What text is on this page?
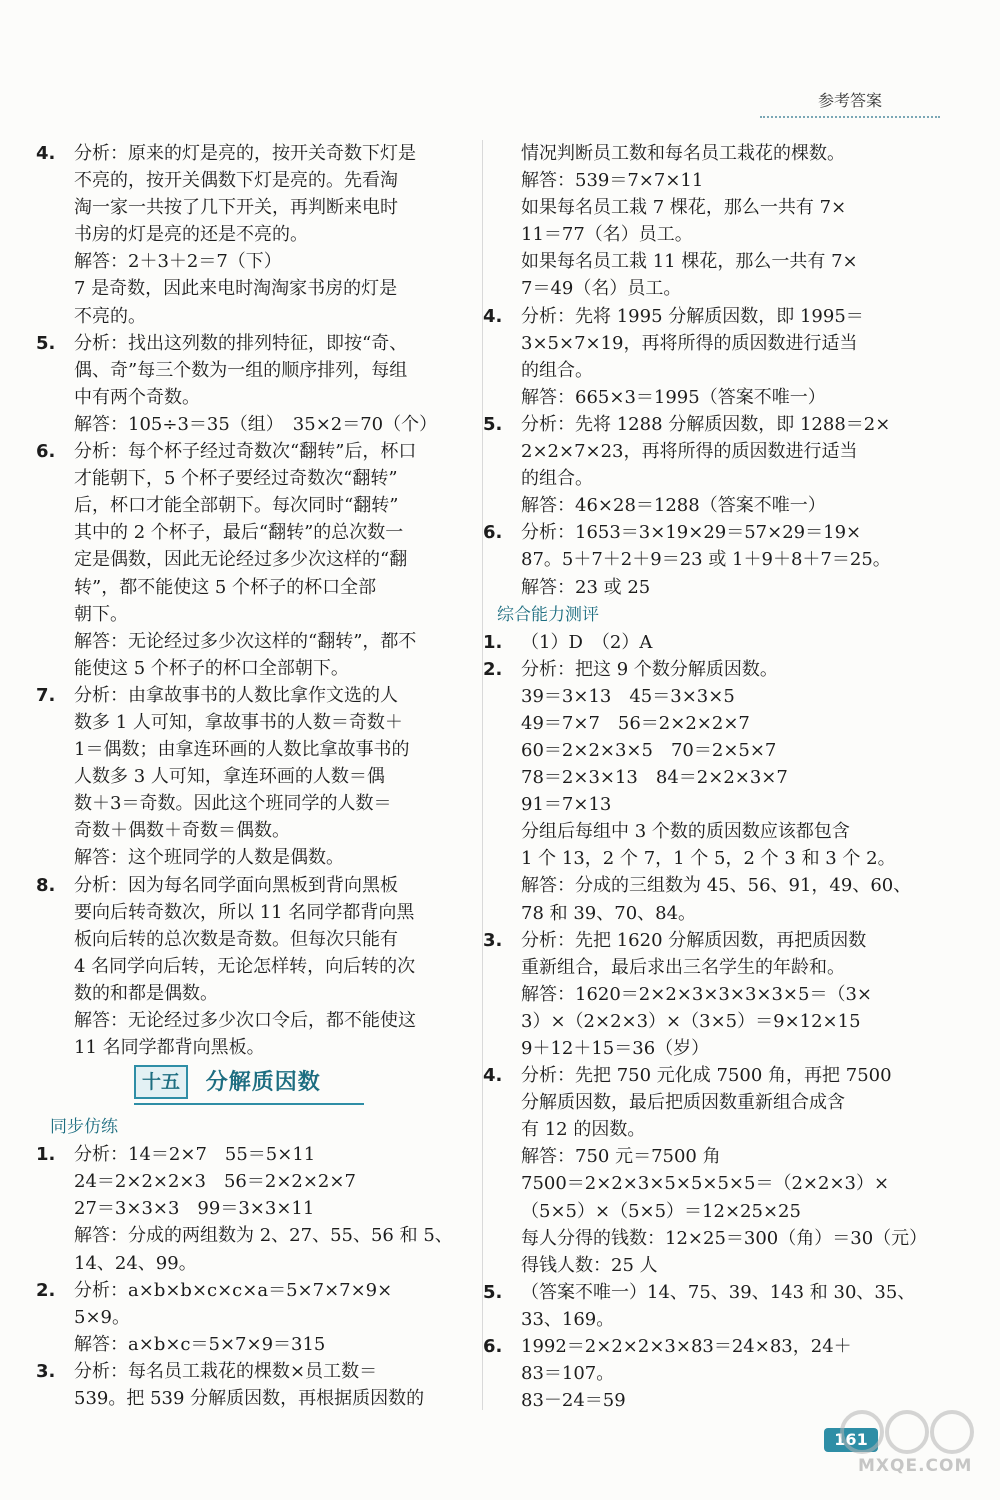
参考答案
4. 分析：原来的灯是亮的，按开关奇数下灯是
不亮的，按开关偶数下灯是亮的。先看淘
淘一家一共按了几下开关，再判断来电时
书房的灯是亮的还是不亮的。
解答：2＋3＋2＝7（下）
7 是奇数，因此来电时淘淘家书房的灯是
不亮的。
5. 分析：找出这列数的排列特征，即按“奇、
偶、奇”每三个数为一组的顺序排列，每组
中有两个奇数。
解答：105÷3＝35（组）　35×2＝70（个）
6. 分析：每个杯子经过奇数次“翻转”后，杯口
才能朝下，5 个杯子要经过奇数次“翻转”
后，杯口才能全部朝下。每次同时“翻转”
其中的 2 个杯子，最后“翻转”的总次数一
定是偶数，因此无论经过多少次这样的“翻
转”，都不能使这 5 个杯子的杯口全部
朝下。
解答：无论经过多少次这样的“翻转”，都不
能使这 5 个杯子的杯口全部朝下。
7. 分析：由拿故事书的人数比拿作文选的人
数多 1 人可知，拿故事书的人数＝奇数＋
1＝偶数；由拿连环画的人数比拿故事书的
人数多 3 人可知，拿连环画的人数＝偶
数＋3＝奇数。因此这个班同学的人数＝
奇数＋偶数＋奇数＝偶数。
解答：这个班同学的人数是偶数。
8. 分析：因为每名同学面向黑板到背向黑板
要向后转奇数次，所以 11 名同学都背向黑
板向后转的总次数是奇数。但每次只能有
4 名同学向后转，无论怎样转，向后转的次
数的和都是偶数。
解答：无论经过多少次口令后，都不能使这
11 名同学都背向黑板。
十五 分解质因数
同步仿练
1. 分析：14＝2×7　55＝5×11
24＝2×2×2×3　56＝2×2×2×7
27＝3×3×3　99＝3×3×11
解答：分成的两组数为 2、27、55、56 和 5、
14、24、99。
2. 分析：a×b×b×c×c×a＝5×7×7×9×
5×9。
解答：a×b×c＝5×7×9＝315
3. 分析：每名员工栽花的棵数×员工数＝
539。把 539 分解质因数，再根据质因数的
情况判断员工数和每名员工栽花的棵数。
解答：539＝7×7×11
如果每名员工栽 7 棵花，那么一共有 7×
11＝77（名）员工。
如果每名员工栽 11 棵花，那么一共有 7×
7＝49（名）员工。
4. 分析：先将 1995 分解质因数，即 1995＝
3×5×7×19，再将所得的质因数进行适当
的组合。
解答：665×3＝1995（答案不唯一）
5. 分析：先将 1288 分解质因数，即 1288＝2×
2×2×7×23，再将所得的质因数进行适当
的组合。
解答：46×28＝1288（答案不唯一）
6. 分析：1653＝3×19×29＝57×29＝19×
87。5＋7＋2＋9＝23 或 1＋9＋8＋7＝25。
解答：23 或 25
综合能力测评
1. （1）D　（2）A
2. 分析：把这 9 个数分解质因数。
39＝3×13　45＝3×3×5
49＝7×7　56＝2×2×2×7
60＝2×2×3×5　70＝2×5×7
78＝2×3×13　84＝2×2×3×7
91＝7×13
分组后每组中 3 个数的质因数应该都包含
1 个 13，2 个 7，1 个 5，2 个 3 和 3 个 2。
解答：分成的三组数为 45、56、91，49、60、
78 和 39、70、84。
3. 分析：先把 1620 分解质因数，再把质因数
重新组合，最后求出三名学生的年龄和。
解答：1620＝2×2×3×3×3×3×5＝（3×
3）×（2×2×3）×（3×5）＝9×12×15
9＋12＋15＝36（岁）
4. 分析：先把 750 元化成 7500 角，再把 7500
分解质因数，最后把质因数重新组合成含
有 12 的因数。
解答：750 元＝7500 角
7500＝2×2×3×5×5×5×5＝（2×2×3）×
（5×5）×（5×5）＝12×25×25
每人分得的钱数：12×25＝300（角）＝30（元）
得钱人数：25 人
5. （答案不唯一）14、75、39、143 和 30、35、
33、169。
6. 1992＝2×2×2×3×83＝24×83，24＋
83＝107。
83－24＝59
161
MXQE.COM
